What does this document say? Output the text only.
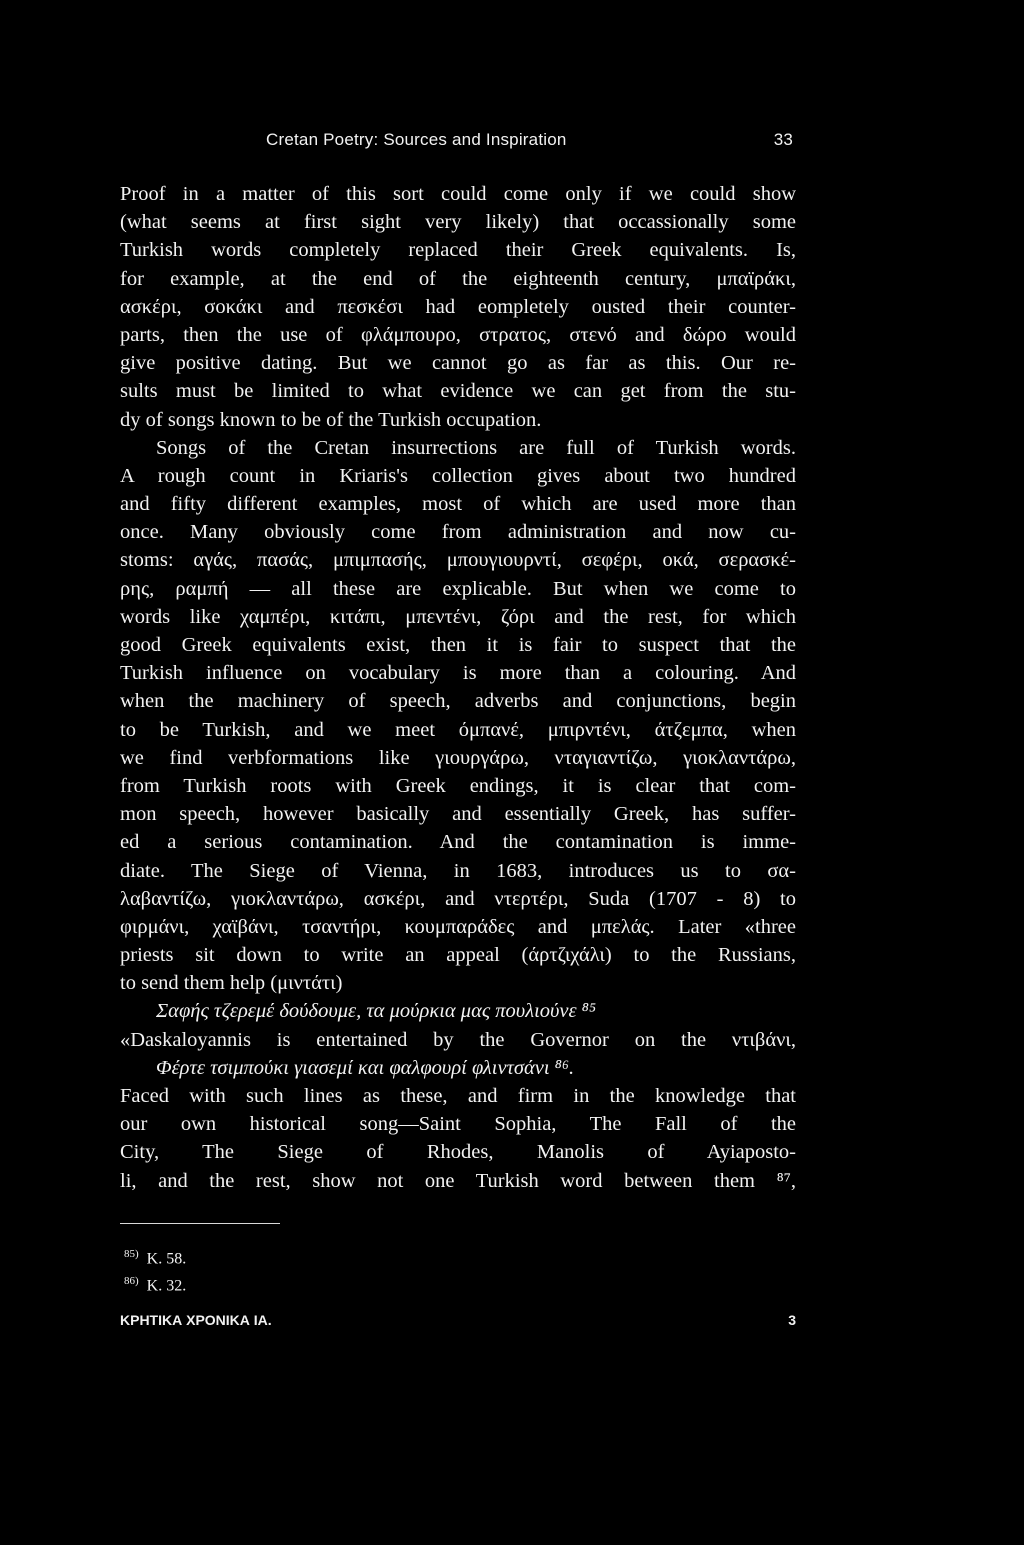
Cretan Poetry: Sources and Inspiration	33
Proof in a matter of this sort could come only if we could show
(what seems at first sight very likely) that occassionally some
Turkish words completely replaced their Greek equivalents. Is,
for example, at the end of the eighteenth century, μπαϊράκι,
ασκέρι, σοκάκι and πεσκέσι had eompletely ousted their counter-
parts, then the use of φλάμπουρο, στρατος, στενό and δώρο would
give positive dating. But we cannot go as far as this. Our re-
sults must be limited to what evidence we can get from the stu-
dy of songs known to be of the Turkish occupation.
Songs of the Cretan insurrections are full of Turkish words.
A rough count in Kriaris's collection gives about two hundred
and fifty different examples, most of which are used more than
once. Many obviously come from administration and now cu-
stoms: αγάς, πασάς, μπιμπασής, μπουγιουρντί, σεφέρι, οκά, σερασκέ-
ρης, ραμπή — all these are explicable. But when we come to
words like χαμπέρι, κιτάπι, μπεντένι, ζόρι and the rest, for which
good Greek equivalents exist, then it is fair to suspect that the
Turkish influence on vocabulary is more than a colouring. And
when the machinery of speech, adverbs and conjunctions, begin
to be Turkish, and we meet όμπανέ, μπιρντένι, άτζεμπα, when
we find verbformations like γιουργάρω, νταγιαντίζω, γιοκλαντάρω,
from Turkish roots with Greek endings, it is clear that com-
mon speech, however basically and essentially Greek, has suffer-
ed a serious contamination. And the contamination is imme-
diate. The Siege of Vienna, in 1683, introduces us to σα-
λαβαντίζω, γιοκλαντάρω, ασκέρι, and ντερτέρι, Suda (1707 - 8) to
φιρμάνι, χαϊβάνι, τσαντήρι, κουμπαράδες and μπελάς. Later «three
priests sit down to write an appeal (άρτζιχάλι) to the Russians,
to send them help (μιντάτι)
Σαφής τζερεμέ δούδουμε, τα μούρκια μας πουλιούνε ⁸⁵
«Daskaloyannis is entertained by the Governor on the ντιβάνι,
Φέρτε τσιμπούκι γιασεμί και φαλφουρί φλιντσάνι ⁸⁶.
Faced with such lines as these, and firm in the knowledge that
our own historical song—Saint Sophia, The Fall of the
City, The Siege of Rhodes, Manolis of Ayiaposto-
li, and the rest, show not one Turkish word between them ⁸⁷,
$^{85)}$ K. 58.
$^{86)}$ K. 32.
ΚΡΗΤΙΚΑ ΧΡΟΝΙΚΑ ΙΑ.	3
